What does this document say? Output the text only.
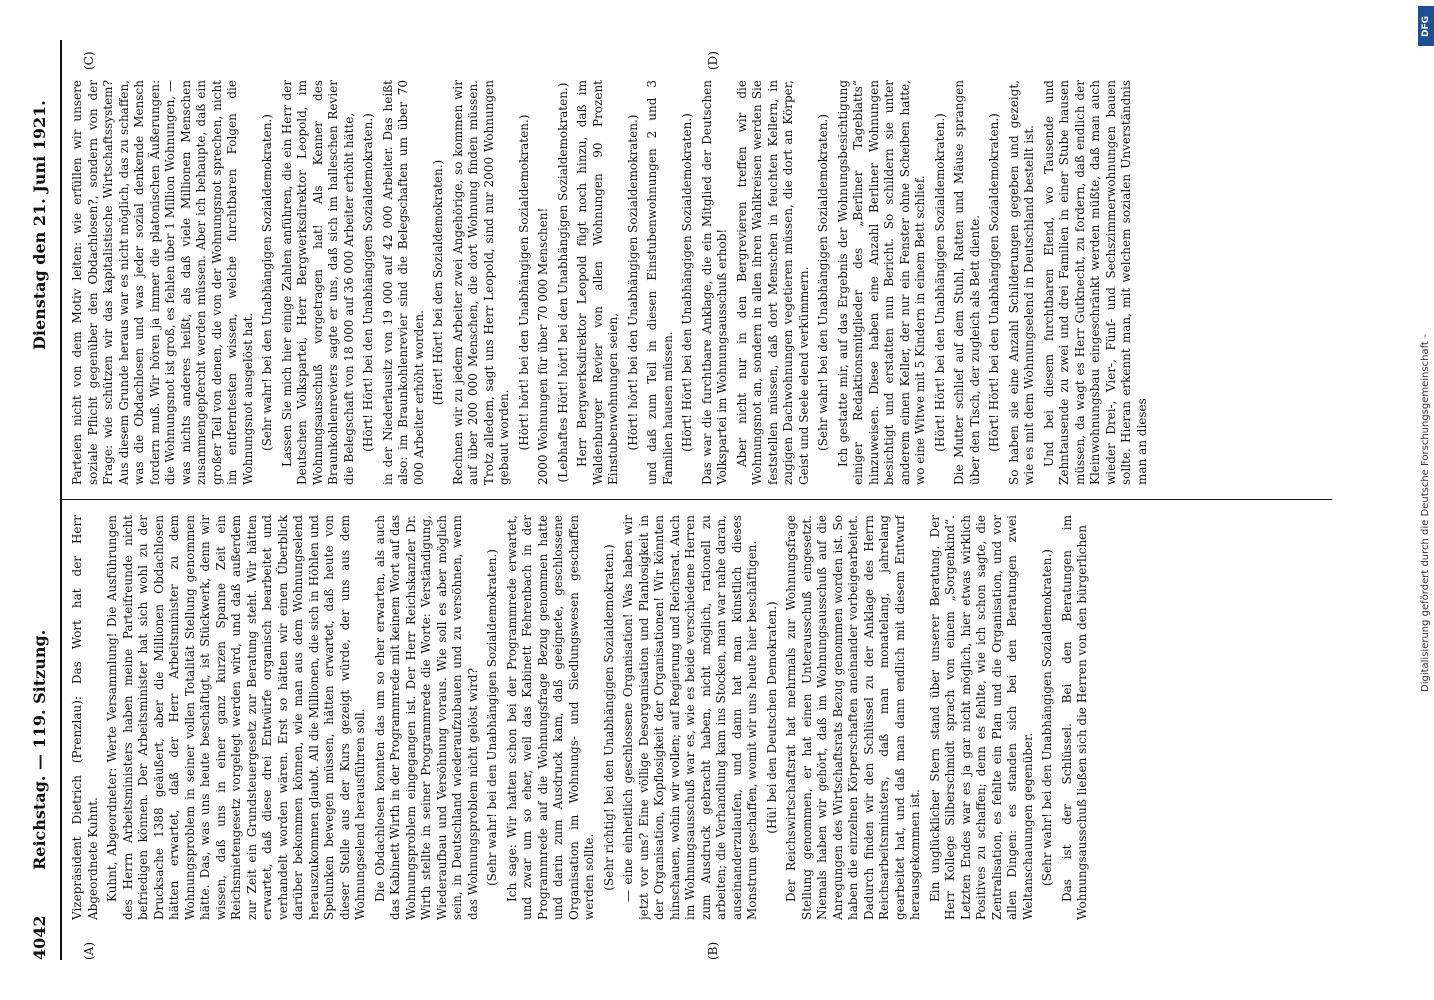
4042
Reichstag. — 119. Sitzung.
Dienstag den 21. Juni 1921.
(A)	(B)
(C)	(D)

Vizepräsident Dietrich (Prenzlau): Das Wort hat der Herr Abgeordnete Kuhnt. Kuhnt, Abgeordneter: Werte Versammlung! Die Ausführungen des Herrn Arbeitsministers haben meine Parteifreunde nicht befriedigen können. Der Arbeitsminister hat sich wohl zu der Drucksache 1388 geäußert, aber die Millionen Obdachlosen hätten erwartet, daß der Herr Arbeitsminister zu dem Wohnungsproblem in seiner vollen Totalität Stellung genommen hätte. Das, was uns heute beschäftigt, ist Stückwerk, denn wir wissen, daß uns in einer ganz kurzen Spanne Zeit ein Reichsmietengesetz vorgelegt werden wird, und daß außerdem zur Zeit ein Grundsteuergesetz zur Beratung steht. Wir hätten erwartet, daß diese drei Entwürfe organisch bearbeitet und verhandelt worden wären. Erst so hätten wir einen Überblick darüber bekommen können, wie man aus dem Wohnungselend herauszukommen glaubt. All die Millionen, die sich in Höhlen und Spelunken bewegen müssen, hätten erwartet, daß heute von dieser Stelle aus der Kurs gezeigt würde, der uns aus dem Wohnungselend herausführen soll. Die Obdachlosen konnten das um so eher erwarten, als auch das Kabinett Wirth in der Programmrede mit keinem Wort auf das Wohnungsproblem eingegangen ist. Der Herr Reichskanzler Dr. Wirth stellte in seiner Programmrede die Worte: Verständigung, Wiederaufbau und Versöhnung voraus. Wie soll es aber möglich sein, in Deutschland wiederaufzubauen und zu versöhnen, wenn das Wohnungsproblem nicht gelöst wird? (Sehr wahr! bei den Unabhängigen Sozialdemokraten.) Ich sage: Wir hatten schon bei der Programmrede erwartet, und zwar um so eher, weil das Kabinett Fehrenbach in der Programmrede auf die Wohnungsfrage Bezug genommen hatte und darin zum Ausdruck kam, daß geeignete, geschlossene Organisation im Wohnungs- und Siedlungswesen geschaffen werden sollte. (Sehr richtig! bei den Unabhängigen Sozialdemokraten.) — eine einheitlich geschlossene Organisation! Was haben wir jetzt vor uns? Eine völlige Desorganisation und Planlosigkeit in der Organisation, Kopflosigkeit der Organisationen! Wir könnten hinschauen, wohin wir wollen; auf Regierung und Reichsrat. Auch im Wohnungsausschuß war es, wie es beide verschiedene Herren zum Ausdruck gebracht haben, nicht möglich, rationell zu arbeiten; die Verhandlung kam ins Stocken, man war nahe daran, auseinanderzulaufen, und dann hat man künstlich dieses Monstrum geschaffen, womit wir uns heute hier beschäftigen. (Hü! bei den Deutschen Demokraten.) Der Reichswirtschaftsrat hat mehrmals zur Wohnungsfrage Stellung genommen, er hat einen Unterausschuß eingesetzt. Niemals haben wir gehört, daß im Wohnungsausschuß auf die Anregungen des Wirtschaftsrats Bezug genommen worden ist. So haben die einzelnen Körperschaften aneinander vorbeigearbeitet. Dadurch finden wir den Schlüssel zu der Anklage des Herrn Reichsarbeitsministers, daß man monatelang, jahrelang gearbeitet hat, und daß man dann endlich mit diesem Entwurf herausgekommen ist. Ein unglücklicher Stern stand über unserer Beratung. Der Herr Kollege Silberschmidt sprach von einem „Sorgenkind“. Letzten Endes war es ja gar nicht möglich, hier etwas wirklich Positives zu schaffen; denn es fehlte, wie ich schon sagte, die Zentralisation, es fehlte ein Plan und die Organisation, und vor allen Dingen: es standen sich bei den Beratungen zwei Weltanschauungen gegenüber. (Sehr wahr! bei den Unabhängigen Sozialdemokraten.) Das ist der Schlüssel. Bei den Beratungen im Wohnungsausschuß ließen sich die Herren von den bürgerlichen

Parteien nicht von dem Motiv leiten: wie erfüllen wir unsere soziale Pflicht gegenüber den Obdachlosen?, sondern von der Frage: wie schützen wir das kapitalistische Wirtschaftssystem? Aus diesem Grunde heraus war es nicht möglich, das zu schaffen, was die Obdachlosen und was jeder sozial denkende Mensch fordern muß. Wir hören ja immer die platonischen Äußerungen: die Wohnungsnot ist groß, es fehlen über 1 Million Wohnungen, — was nichts anderes heißt, als daß viele Millionen Menschen zusammengepfercht werden müssen. Aber ich behaupte, daß ein großer Teil von denen, die von der Wohnungsnot sprechen, nicht im entferntesten wissen, welche furchtbaren Folgen die Wohnungsnot ausgelöst hat. (Sehr wahr! bei den Unabhängigen Sozialdemokraten.) Lassen Sie mich hier einige Zahlen anführen, die ein Herr der Deutschen Volkspartei, Herr Bergwerksdirektor Leopold, im Wohnungsausschuß vorgetragen hat! Als Kenner des Braunkohlenreviers sagte er uns, daß sich im halleschen Revier die Belegschaft von 18 000 auf 36 000 Arbeiter erhöht hätte, (Hört! Hört! bei den Unabhängigen Sozialdemokraten.) in der Niederlausitz von 19 000 auf 42 000 Arbeiter. Das heißt also: im Braunkohlenrevier sind die Belegschaften um über 70 000 Arbeiter erhöht worden. (Hört! Hört! bei den Sozialdemokraten.) Rechnen wir zu jedem Arbeiter zwei Angehörige, so kommen wir auf über 200 000 Menschen, die dort Wohnung finden müssen. Trotz alledem, sagt uns Herr Leopold, sind nur 2000 Wohnungen gebaut worden. (Hört! hört! bei den Unabhängigen Sozialdemokraten.) 2000 Wohnungen für über 70 000 Menschen! (Lebhaftes Hört! hört! bei den Unabhängigen Sozialdemokraten.) Herr Bergwerksdirektor Leopold fügt noch hinzu, daß im Waldenburger Revier von allen Wohnungen 90 Prozent Einstubenwohnungen seien, (Hört! hört! bei den Unabhängigen Sozialdemokraten.) und daß zum Teil in diesen Einstubenwohnungen 2 und 3 Familien hausen müssen. (Hört! Hört! bei den Unabhängigen Sozialdemokraten.) Das war die furchtbare Anklage, die ein Mitglied der Deutschen Volkspartei im Wohnungsausschuß erhob! Aber nicht nur in den Bergrevieren treffen wir die Wohnungsnot an, sondern in allen ihren Wahlkreisen werden Sie feststellen müssen, daß dort Menschen in feuchten Kellern, in zugigen Dachwohnungen vegetieren müssen, die dort an Körper, Geist und Seele elend verkümmern. (Sehr wahr! bei den Unabhängigen Sozialdemokraten.) Ich gestatte mir, auf das Ergebnis der Wohnungsbesichtigung einiger Redaktionsmitglieder des „Berliner Tageblatts“ hinzuweisen. Diese haben eine Anzahl Berliner Wohnungen besichtigt und erstatten nun Bericht. So schildern sie unter anderem einen Keller, der nur ein Fenster ohne Scheiben hatte, wo eine Witwe mit 5 Kindern in einem Bett schlief. (Hört! Hört! bei den Unabhängigen Sozialdemokraten.) Die Mutter schlief auf dem Stuhl, Ratten und Mäuse sprangen über den Tisch, der zugleich als Bett diente. (Hört! Hört! bei den Unabhängigen Sozialdemokraten.) So haben sie eine Anzahl Schilderungen gegeben und gezeigt, wie es mit dem Wohnungselend in Deutschland bestellt ist. Und bei diesem furchtbaren Elend, wo Tausende und Zehntausende zu zwei und drei Familien in einer Stube hausen müssen, da wagt es Herr Gutknecht, zu fordern, daß endlich der Kleinwohnungsbau eingeschränkt werden müßte, daß man auch wieder Drei-, Vier-, Fünf- und Sechszimmerwohnungen bauen sollte. Hieran erkennt man, mit welchem sozialen Unverständnis man an dieses

DFG
Digitalisierung gefördert durch die Deutsche Forschungsgemeinschaft -
